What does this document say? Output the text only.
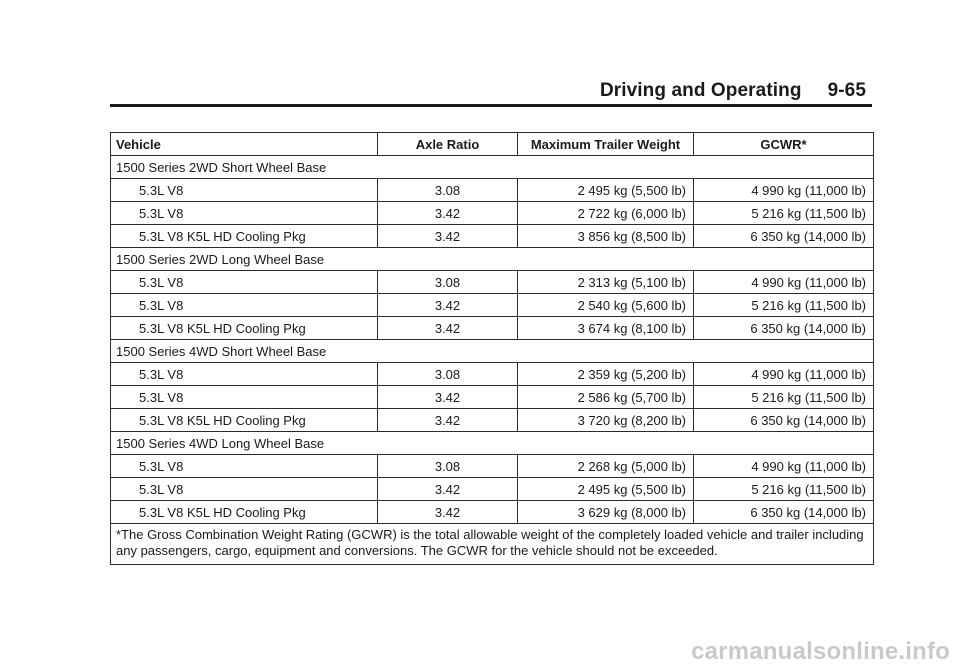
Driving and Operating 9-65
Vehicle	Axle Ratio	Maximum Trailer Weight	GCWR*
1500 Series 2WD Short Wheel Base			
5.3L V8	3.08	2 495 kg (5,500 lb)	4 990 kg (11,000 lb)
5.3L V8	3.42	2 722 kg (6,000 lb)	5 216 kg (11,500 lb)
5.3L V8 K5L HD Cooling Pkg	3.42	3 856 kg (8,500 lb)	6 350 kg (14,000 lb)
1500 Series 2WD Long Wheel Base			
5.3L V8	3.08	2 313 kg (5,100 lb)	4 990 kg (11,000 lb)
5.3L V8	3.42	2 540 kg (5,600 lb)	5 216 kg (11,500 lb)
5.3L V8 K5L HD Cooling Pkg	3.42	3 674 kg (8,100 lb)	6 350 kg (14,000 lb)
1500 Series 4WD Short Wheel Base			
5.3L V8	3.08	2 359 kg (5,200 lb)	4 990 kg (11,000 lb)
5.3L V8	3.42	2 586 kg (5,700 lb)	5 216 kg (11,500 lb)
5.3L V8 K5L HD Cooling Pkg	3.42	3 720 kg (8,200 lb)	6 350 kg (14,000 lb)
1500 Series 4WD Long Wheel Base			
5.3L V8	3.08	2 268 kg (5,000 lb)	4 990 kg (11,000 lb)
5.3L V8	3.42	2 495 kg (5,500 lb)	5 216 kg (11,500 lb)
5.3L V8 K5L HD Cooling Pkg	3.42	3 629 kg (8,000 lb)	6 350 kg (14,000 lb)
*The Gross Combination Weight Rating (GCWR) is the total allowable weight of the completely loaded vehicle and trailer including any passengers, cargo, equipment and conversions. The GCWR for the vehicle should not be exceeded.			
carmanualsonline.info
